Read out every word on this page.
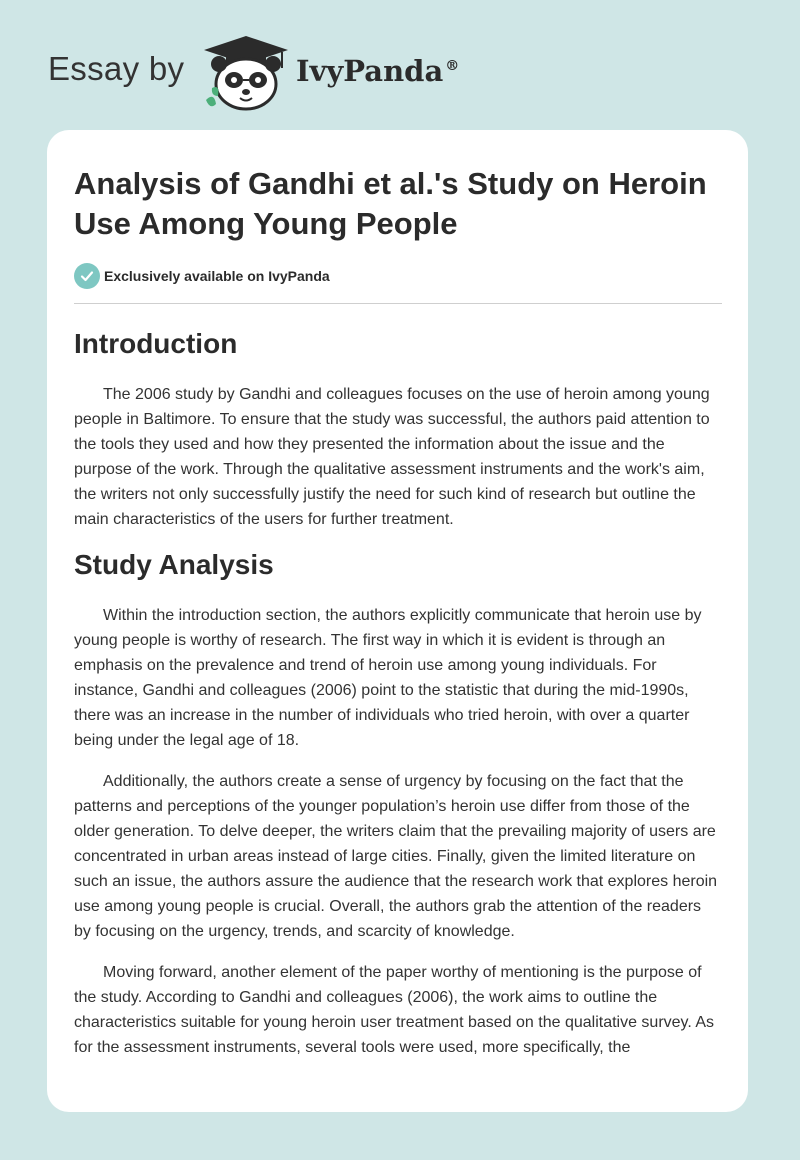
Essay by	IvyPanda ®
Analysis of Gandhi et al.'s Study on Heroin Use Among Young People
Exclusively available on IvyPanda
Introduction

The 2006 study by Gandhi and colleagues focuses on the use of heroin among young people in Baltimore. To ensure that the study was successful, the authors paid attention to the tools they used and how they presented the information about the issue and the purpose of the work. Through the qualitative assessment instruments and the work's aim, the writers not only successfully justify the need for such kind of research but outline the main characteristics of the users for further treatment.

Study Analysis

Within the introduction section, the authors explicitly communicate that heroin use by young people is worthy of research. The first way in which it is evident is through an emphasis on the prevalence and trend of heroin use among young individuals. For instance, Gandhi and colleagues (2006) point to the statistic that during the mid-1990s, there was an increase in the number of individuals who tried heroin, with over a quarter being under the legal age of 18.

Additionally, the authors create a sense of urgency by focusing on the fact that the patterns and perceptions of the younger population’s heroin use differ from those of the older generation. To delve deeper, the writers claim that the prevailing majority of users are concentrated in urban areas instead of large cities. Finally, given the limited literature on such an issue, the authors assure the audience that the research work that explores heroin use among young people is crucial. Overall, the authors grab the attention of the readers by focusing on the urgency, trends, and scarcity of knowledge.

Moving forward, another element of the paper worthy of mentioning is the purpose of the study. According to Gandhi and colleagues (2006), the work aims to outline the characteristics suitable for young heroin user treatment based on the qualitative survey. As for the assessment instruments, several tools were used, more specifically, the
